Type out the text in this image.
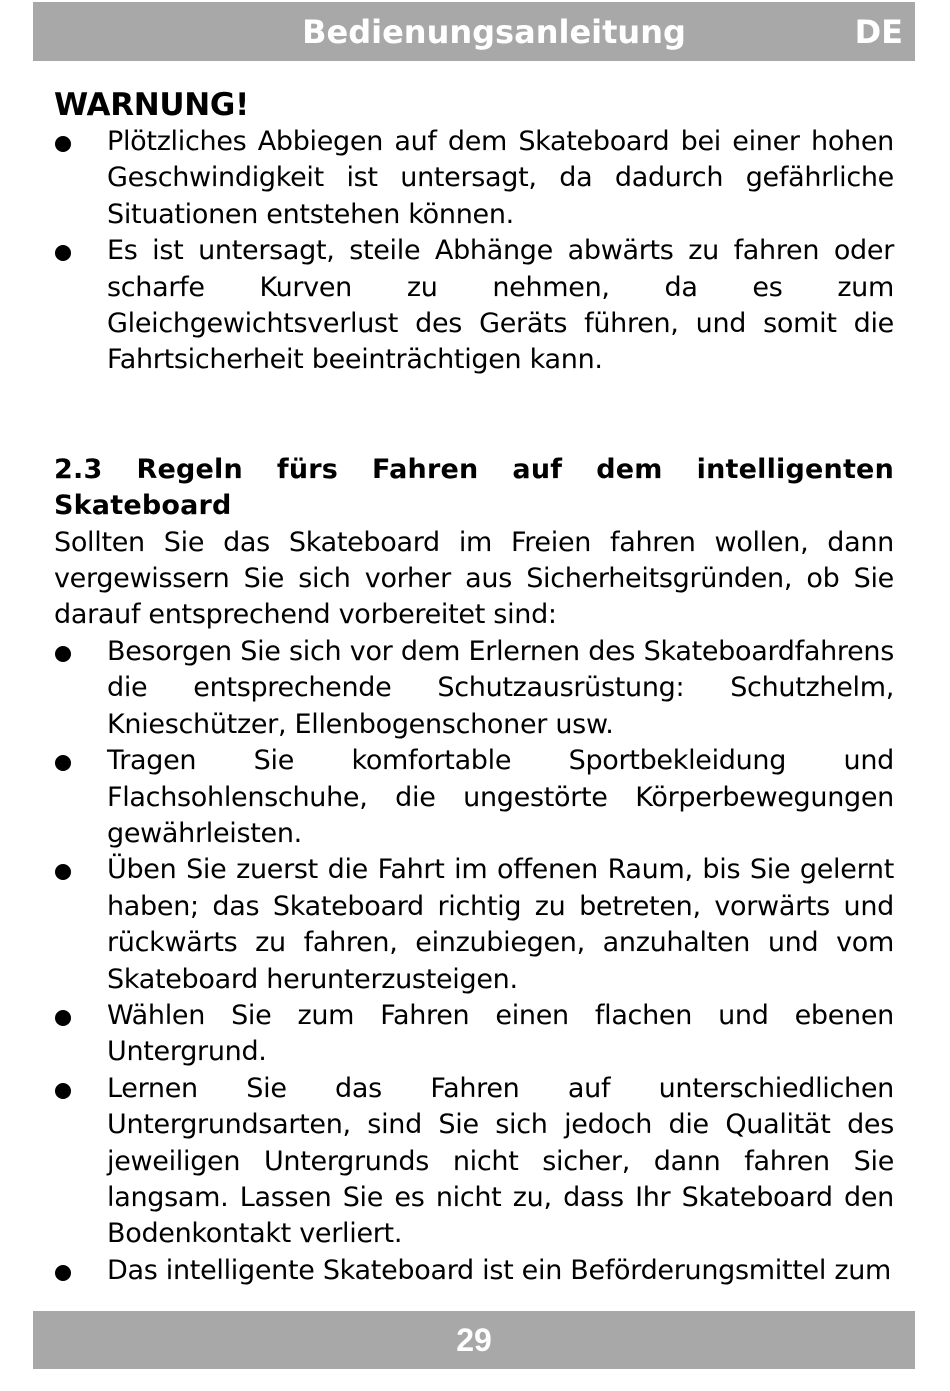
Bedienungsanleitung	DE
WARNUNG!
Plötzliches Abbiegen auf dem Skateboard bei einer hohen Geschwindigkeit ist untersagt, da dadurch gefährliche Situationen entstehen können.
Es ist untersagt, steile Abhänge abwärts zu fahren oder scharfe Kurven zu nehmen, da es zum Gleichgewichtsverlust des Geräts führen, und somit die Fahrtsicherheit beeinträchtigen kann.
2.3 Regeln fürs Fahren auf dem intelligenten Skateboard
Sollten Sie das Skateboard im Freien fahren wollen, dann vergewissern Sie sich vorher aus Sicherheitsgründen, ob Sie darauf entsprechend vorbereitet sind:
Besorgen Sie sich vor dem Erlernen des Skateboardfahrens die entsprechende Schutzausrüstung: Schutzhelm, Knieschützer, Ellenbogenschoner usw.
Tragen Sie komfortable Sportbekleidung und Flachsohlenschuhe, die ungestörte Körperbewegungen gewährleisten.
Üben Sie zuerst die Fahrt im offenen Raum, bis Sie gelernt haben; das Skateboard richtig zu betreten, vorwärts und rückwärts zu fahren, einzubiegen, anzuhalten und vom Skateboard herunterzusteigen.
Wählen Sie zum Fahren einen flachen und ebenen Untergrund.
Lernen Sie das Fahren auf unterschiedlichen Untergrundsarten, sind Sie sich jedoch die Qualität des jeweiligen Untergrunds nicht sicher, dann fahren Sie langsam. Lassen Sie es nicht zu, dass Ihr Skateboard den Bodenkontakt verliert.
Das intelligente Skateboard ist ein Beförderungsmittel zum
29
